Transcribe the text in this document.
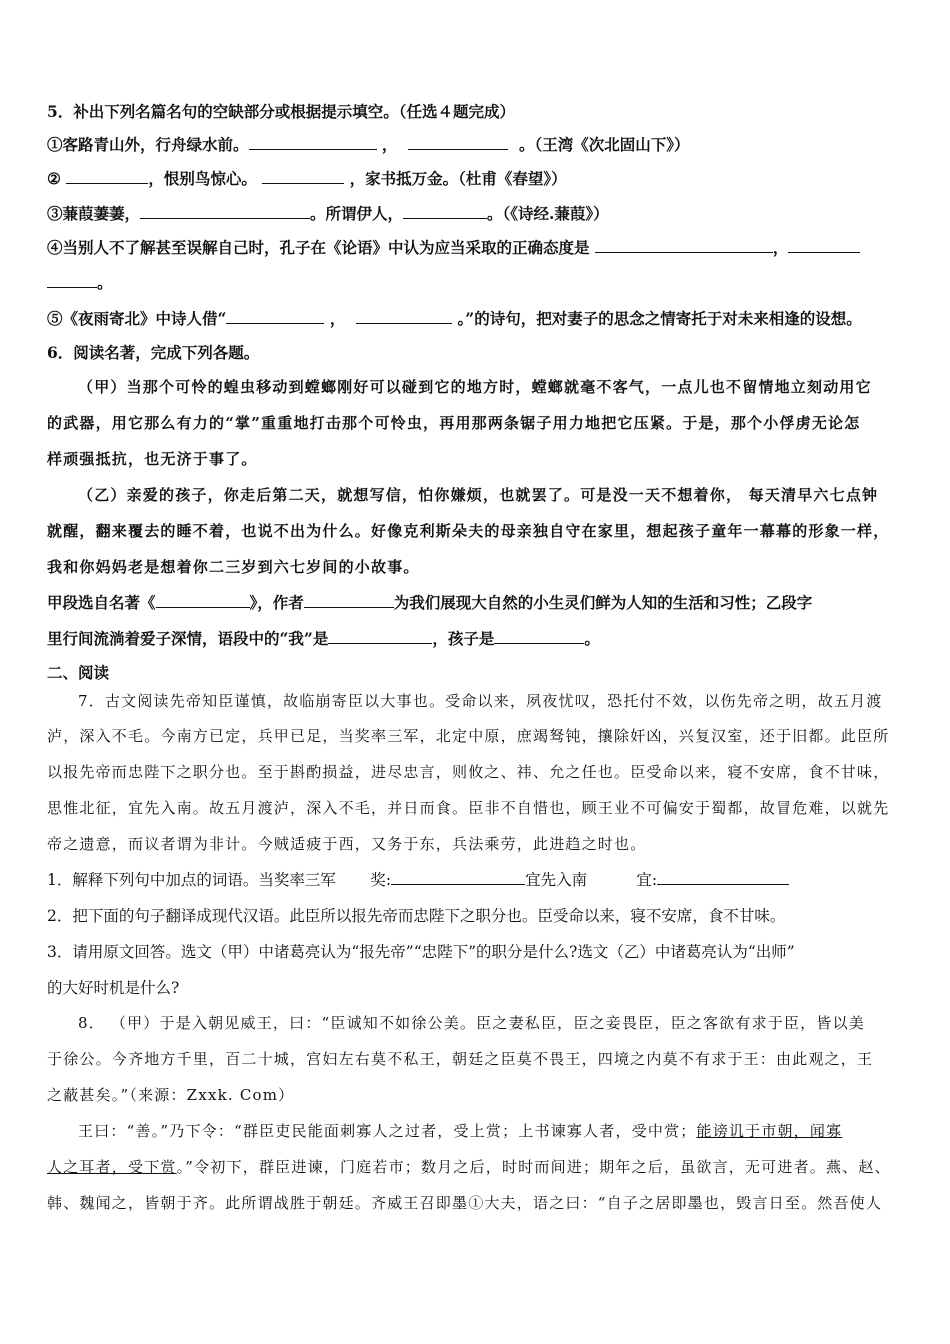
5．补出下列名篇名句的空缺部分或根据提示填空。（任选４题完成）
①客路青山外，行舟绿水前。	，	。（王湾《次北固山下》）
②	，恨别鸟惊心。	，家书抵万金。（杜甫《春望》）
③蒹葭萋萋，	。所谓伊人，	。（《诗经.蒹葭》）
④当别人不了解甚至误解自己时，孔子在《论语》中认为应当采取的正确态度是	，
。
⑤《夜雨寄北》中诗人借“	，	。”的诗句，把对妻子的思念之情寄托于对未来相逢的设想。
6．阅读名著，完成下列各题。
（甲）当那个可怜的蝗虫移动到螳螂刚好可以碰到它的地方时，螳螂就毫不客气，一点儿也不留情地立刻动用它
的武器，用它那么有力的“掌”重重地打击那个可怜虫，再用那两条锯子用力地把它压紧。于是，那个小俘虏无论怎
样顽强抵抗，也无济于事了。
（乙）亲爱的孩子，你走后第二天，就想写信，怕你嫌烦，也就罢了。可是没一天不想着你， 每天清早六七点钟
就醒，翻来覆去的睡不着，也说不出为什么。好像克利斯朵夫的母亲独自守在家里，想起孩子童年一幕幕的形象一样，
我和你妈妈老是想着你二三岁到六七岁间的小故事。
甲段选自名著《	》，作者	为我们展现大自然的小生灵们鲜为人知的生活和习性；乙段字
里行间流淌着爱子深情，语段中的“我”是	，孩子是	。
二、阅读
7．古文阅读先帝知臣谨慎，故临崩寄臣以大事也。受命以来，夙夜忧叹，恐托付不效，以伤先帝之明，故五月渡
泸，深入不毛。今南方已定，兵甲已足，当奖率三军，北定中原，庶竭驽钝，攘除奸凶，兴复汉室，还于旧都。此臣所
以报先帝而忠陛下之职分也。至于斟酌损益，进尽忠言，则攸之、祎、允之任也。臣受命以来，寝不安席，食不甘味，
思惟北征，宜先入南。故五月渡泸，深入不毛，并日而食。臣非不自惜也，顾王业不可偏安于蜀都，故冒危难，以就先
帝之遗意，而议者谓为非计。今贼适疲于西，又务于东，兵法乘劳，此进趋之时也。
1．解释下列句中加点的词语。当奖率三军 奖:	宜先入南	宜:
2．把下面的句子翻译成现代汉语。此臣所以报先帝而忠陛下之职分也。臣受命以来，寝不安席，食不甘味。
3．请用原文回答。选文（甲）中诸葛亮认为“报先帝”“忠陛下”的职分是什么?选文（乙）中诸葛亮认为“出师”
的大好时机是什么?
8． （甲）于是入朝见威王，曰：“臣诚知不如徐公美。臣之妻私臣，臣之妾畏臣，臣之客欲有求于臣，皆以美
于徐公。今齐地方千里，百二十城，宫妇左右莫不私王，朝廷之臣莫不畏王，四境之内莫不有求于王：由此观之，王
之蔽甚矣。”（来源：Zxxk. Com）
王曰：“善。”乃下令：“群臣吏民能面刺寡人之过者，受上赏；上书谏寡人者，受中赏；能谤讥于市朝，闻寡
人之耳者，受下赏。”令初下，群臣进谏，门庭若市；数月之后，时时而间进；期年之后，虽欲言，无可进者。燕、赵、
韩、魏闻之，皆朝于齐。此所谓战胜于朝廷。齐威王召即墨①大夫，语之曰：“自子之居即墨也，毁言日至。然吾使人
